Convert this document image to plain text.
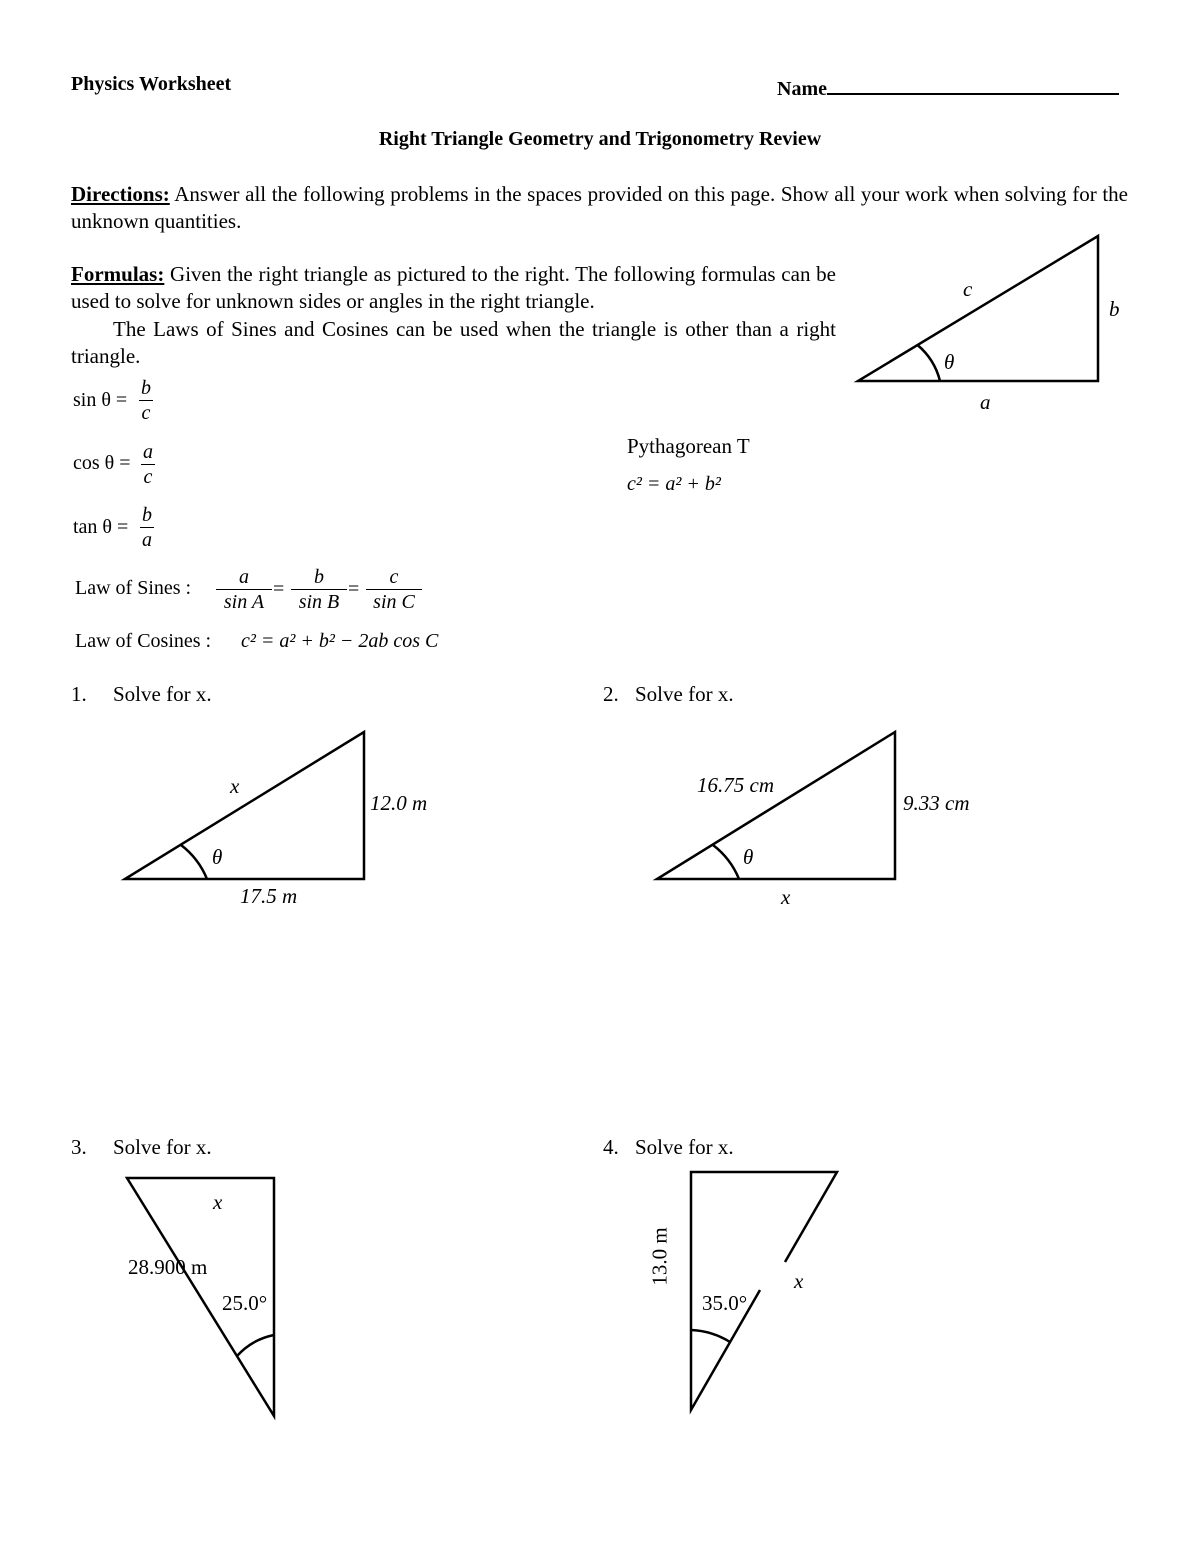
Physics Worksheet	Name
Right Triangle Geometry and Trigonometry Review
Directions: Answer all the following problems in the spaces provided on this page. Show all your work when solving for the unknown quantities.
Formulas: Given the right triangle as pictured to the right. The following formulas can be used to solve for unknown sides or angles in the right triangle.
The Laws of Sines and Cosines can be used when the triangle is other than a right triangle.
c
b
a
θ
$\sin \theta = \frac{b}{c}$
$\cos \theta = \frac{a}{c}$
$\tan \theta = \frac{b}{a}$
Pythagorean T
c² = a² + b²
Law of Sines : $\frac{a}{\text{sin A}} = \frac{b}{\text{sin B}} = \frac{c}{\text{sin C}}$
Law of Cosines : c² = a² + b² − 2ab cos C
1. Solve for x.
x
12.0 m
17.5 m
θ
2. Solve for x.
16.75 cm
9.33 cm
x
θ
3. Solve for x.
x
28.900 m
25.0°
4. Solve for x.
13.0 m	x
35.0°
